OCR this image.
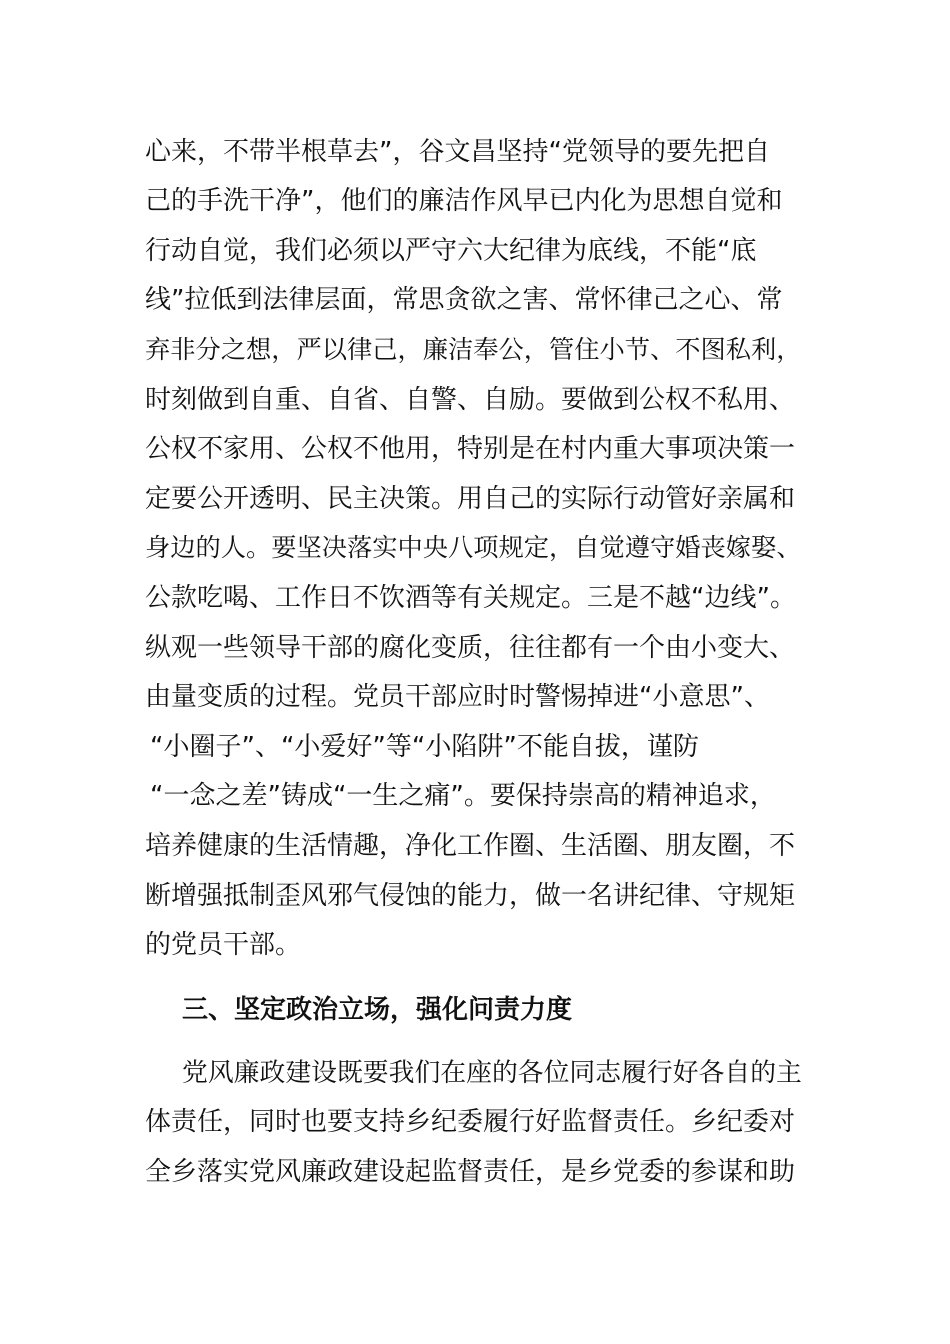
心来，不带半根草去”，谷文昌坚持“党领导的要先把自
己的手洗干净”，他们的廉洁作风早已内化为思想自觉和
行动自觉，我们必须以严守六大纪律为底线，不能“底
线”拉低到法律层面，常思贪欲之害、常怀律己之心、常
弃非分之想，严以律己，廉洁奉公，管住小节、不图私利，
时刻做到自重、自省、自警、自励。要做到公权不私用、
公权不家用、公权不他用，特别是在村内重大事项决策一
定要公开透明、民主决策。用自己的实际行动管好亲属和
身边的人。要坚决落实中央八项规定，自觉遵守婚丧嫁娶、
公款吃喝、工作日不饮酒等有关规定。三是不越“边线”。
纵观一些领导干部的腐化变质，往往都有一个由小变大、
由量变质的过程。党员干部应时时警惕掉进“小意思”、
“小圈子”、“小爱好”等“小陷阱”不能自拔，谨防
“一念之差”铸成“一生之痛”。要保持崇高的精神追求，
培养健康的生活情趣，净化工作圈、生活圈、朋友圈，不
断增强抵制歪风邪气侵蚀的能力，做一名讲纪律、守规矩
的党员干部。
三、坚定政治立场，强化问责力度
党风廉政建设既要我们在座的各位同志履行好各自的主
体责任，同时也要支持乡纪委履行好监督责任。乡纪委对
全乡落实党风廉政建设起监督责任，是乡党委的参谋和助
